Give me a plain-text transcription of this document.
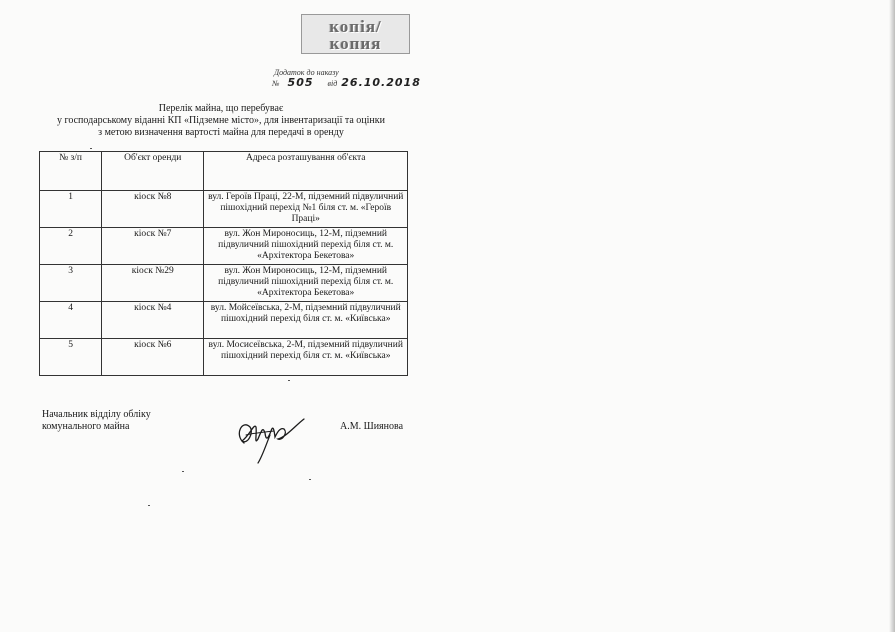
копія/
копия
Додаток до наказу
№ 505 від 26.10.2018
Перелік майна, що перебуває
у господарському віданні КП «Підземне місто», для інвентаризації та оцінки
з метою визначення вартості майна для передачі в оренду
№ з/п	Об'єкт оренди	Адреса розташування об'єкта
1	кіоск №8	вул. Героїв Праці, 22-М, підземний підвуличний пішохідний перехід №1 біля ст. м. «Героїв Праці»
2	кіоск №7	вул. Жон Мироносиць, 12-М, підземний підвуличний пішохідний перехід біля ст. м. «Архітектора Бекетова»
3	кіоск №29	вул. Жон Мироносиць, 12-М, підземний підвуличний пішохідний перехід біля ст. м. «Архітектора Бекетова»
4	кіоск №4	вул. Мойсеївська, 2-М, підземний підвуличний пішохідний перехід біля ст. м. «Київська»
5	кіоск №6	вул. Мосисеївська, 2-М, підземний підвуличний пішохідний перехід біля ст. м. «Київська»
Начальник відділу обліку
комунального майна	А.М. Шиянова
